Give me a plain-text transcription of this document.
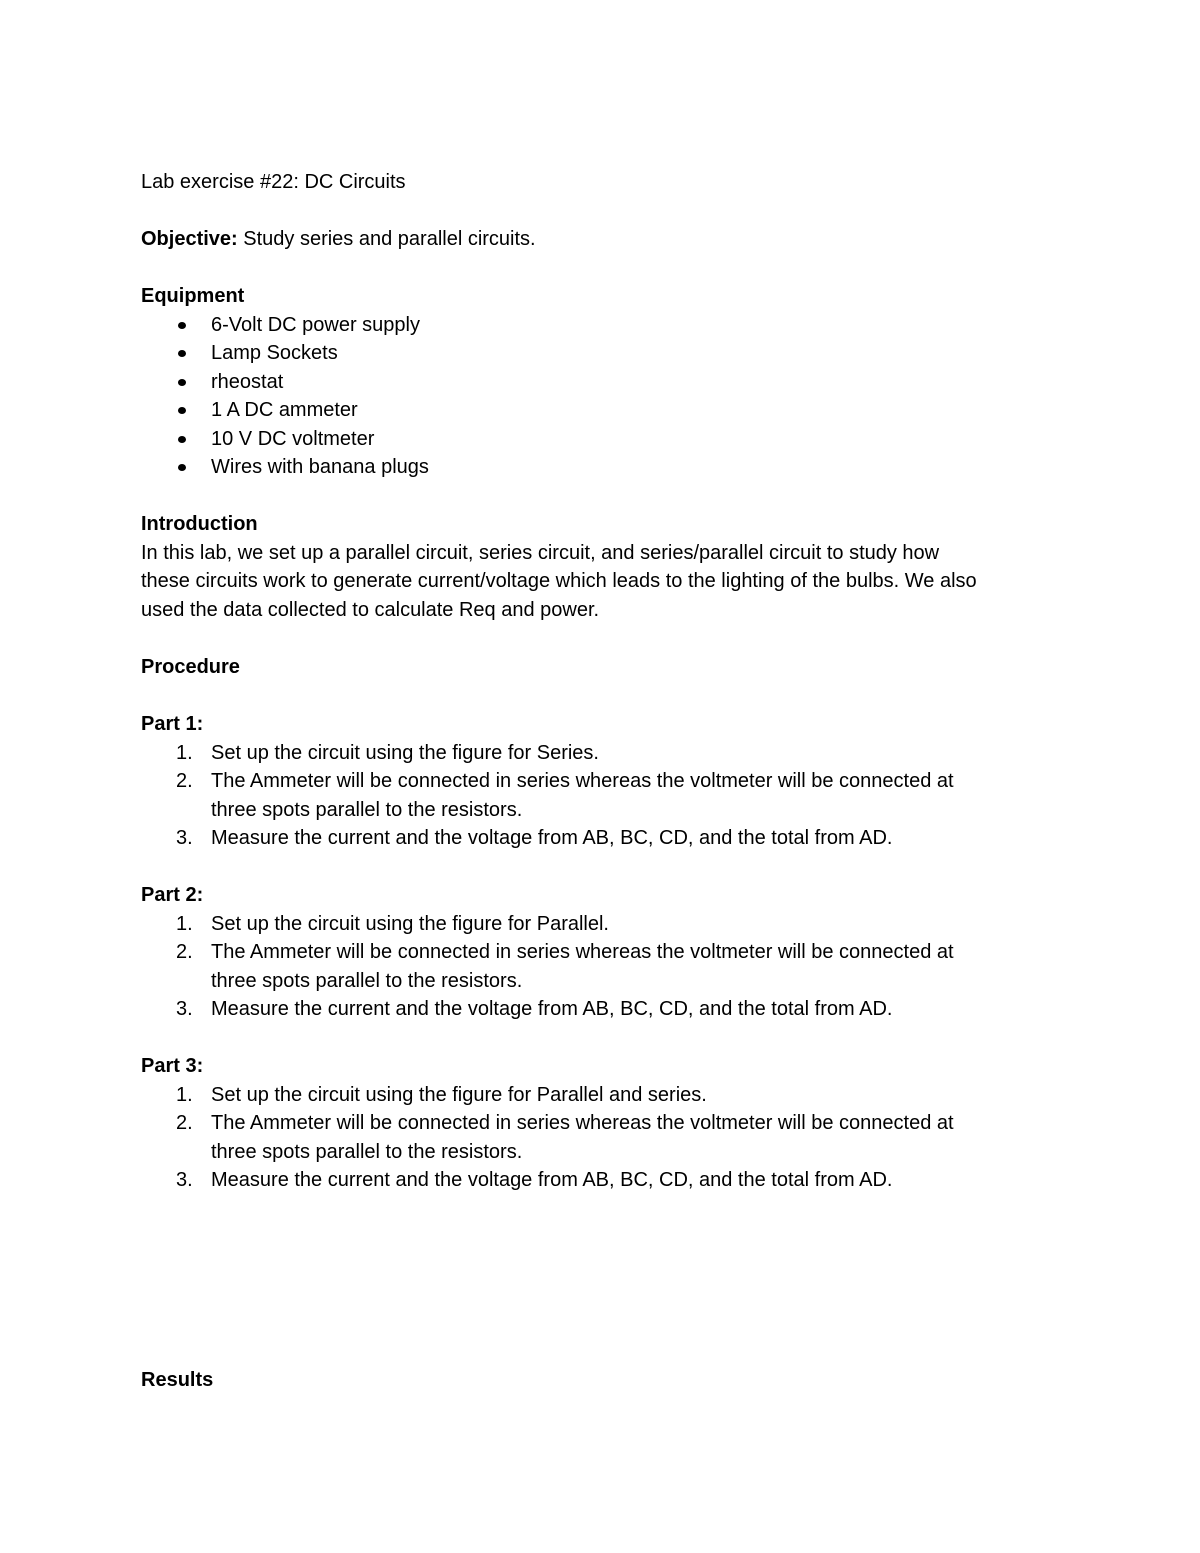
Lab exercise #22: DC Circuits

Objective: Study series and parallel circuits.

Equipment

6-Volt DC power supply
Lamp Sockets
rheostat
1 A DC ammeter
10 V DC voltmeter
Wires with banana plugs

Introduction

In this lab, we set up a parallel circuit, series circuit, and series/parallel circuit to study how

these circuits work to generate current/voltage which leads to the lighting of the bulbs. We also

used the data collected to calculate Req and power.

Procedure

Part 1:

1. Set up the circuit using the figure for Series.
2. The Ammeter will be connected in series whereas the voltmeter will be connected at
three spots parallel to the resistors.
3. Measure the current and the voltage from AB, BC, CD, and the total from AD.

Part 2:

1. Set up the circuit using the figure for Parallel.
2. The Ammeter will be connected in series whereas the voltmeter will be connected at
three spots parallel to the resistors.
3. Measure the current and the voltage from AB, BC, CD, and the total from AD.

Part 3:

1. Set up the circuit using the figure for Parallel and series.
2. The Ammeter will be connected in series whereas the voltmeter will be connected at
three spots parallel to the resistors.
3. Measure the current and the voltage from AB, BC, CD, and the total from AD.

Results
